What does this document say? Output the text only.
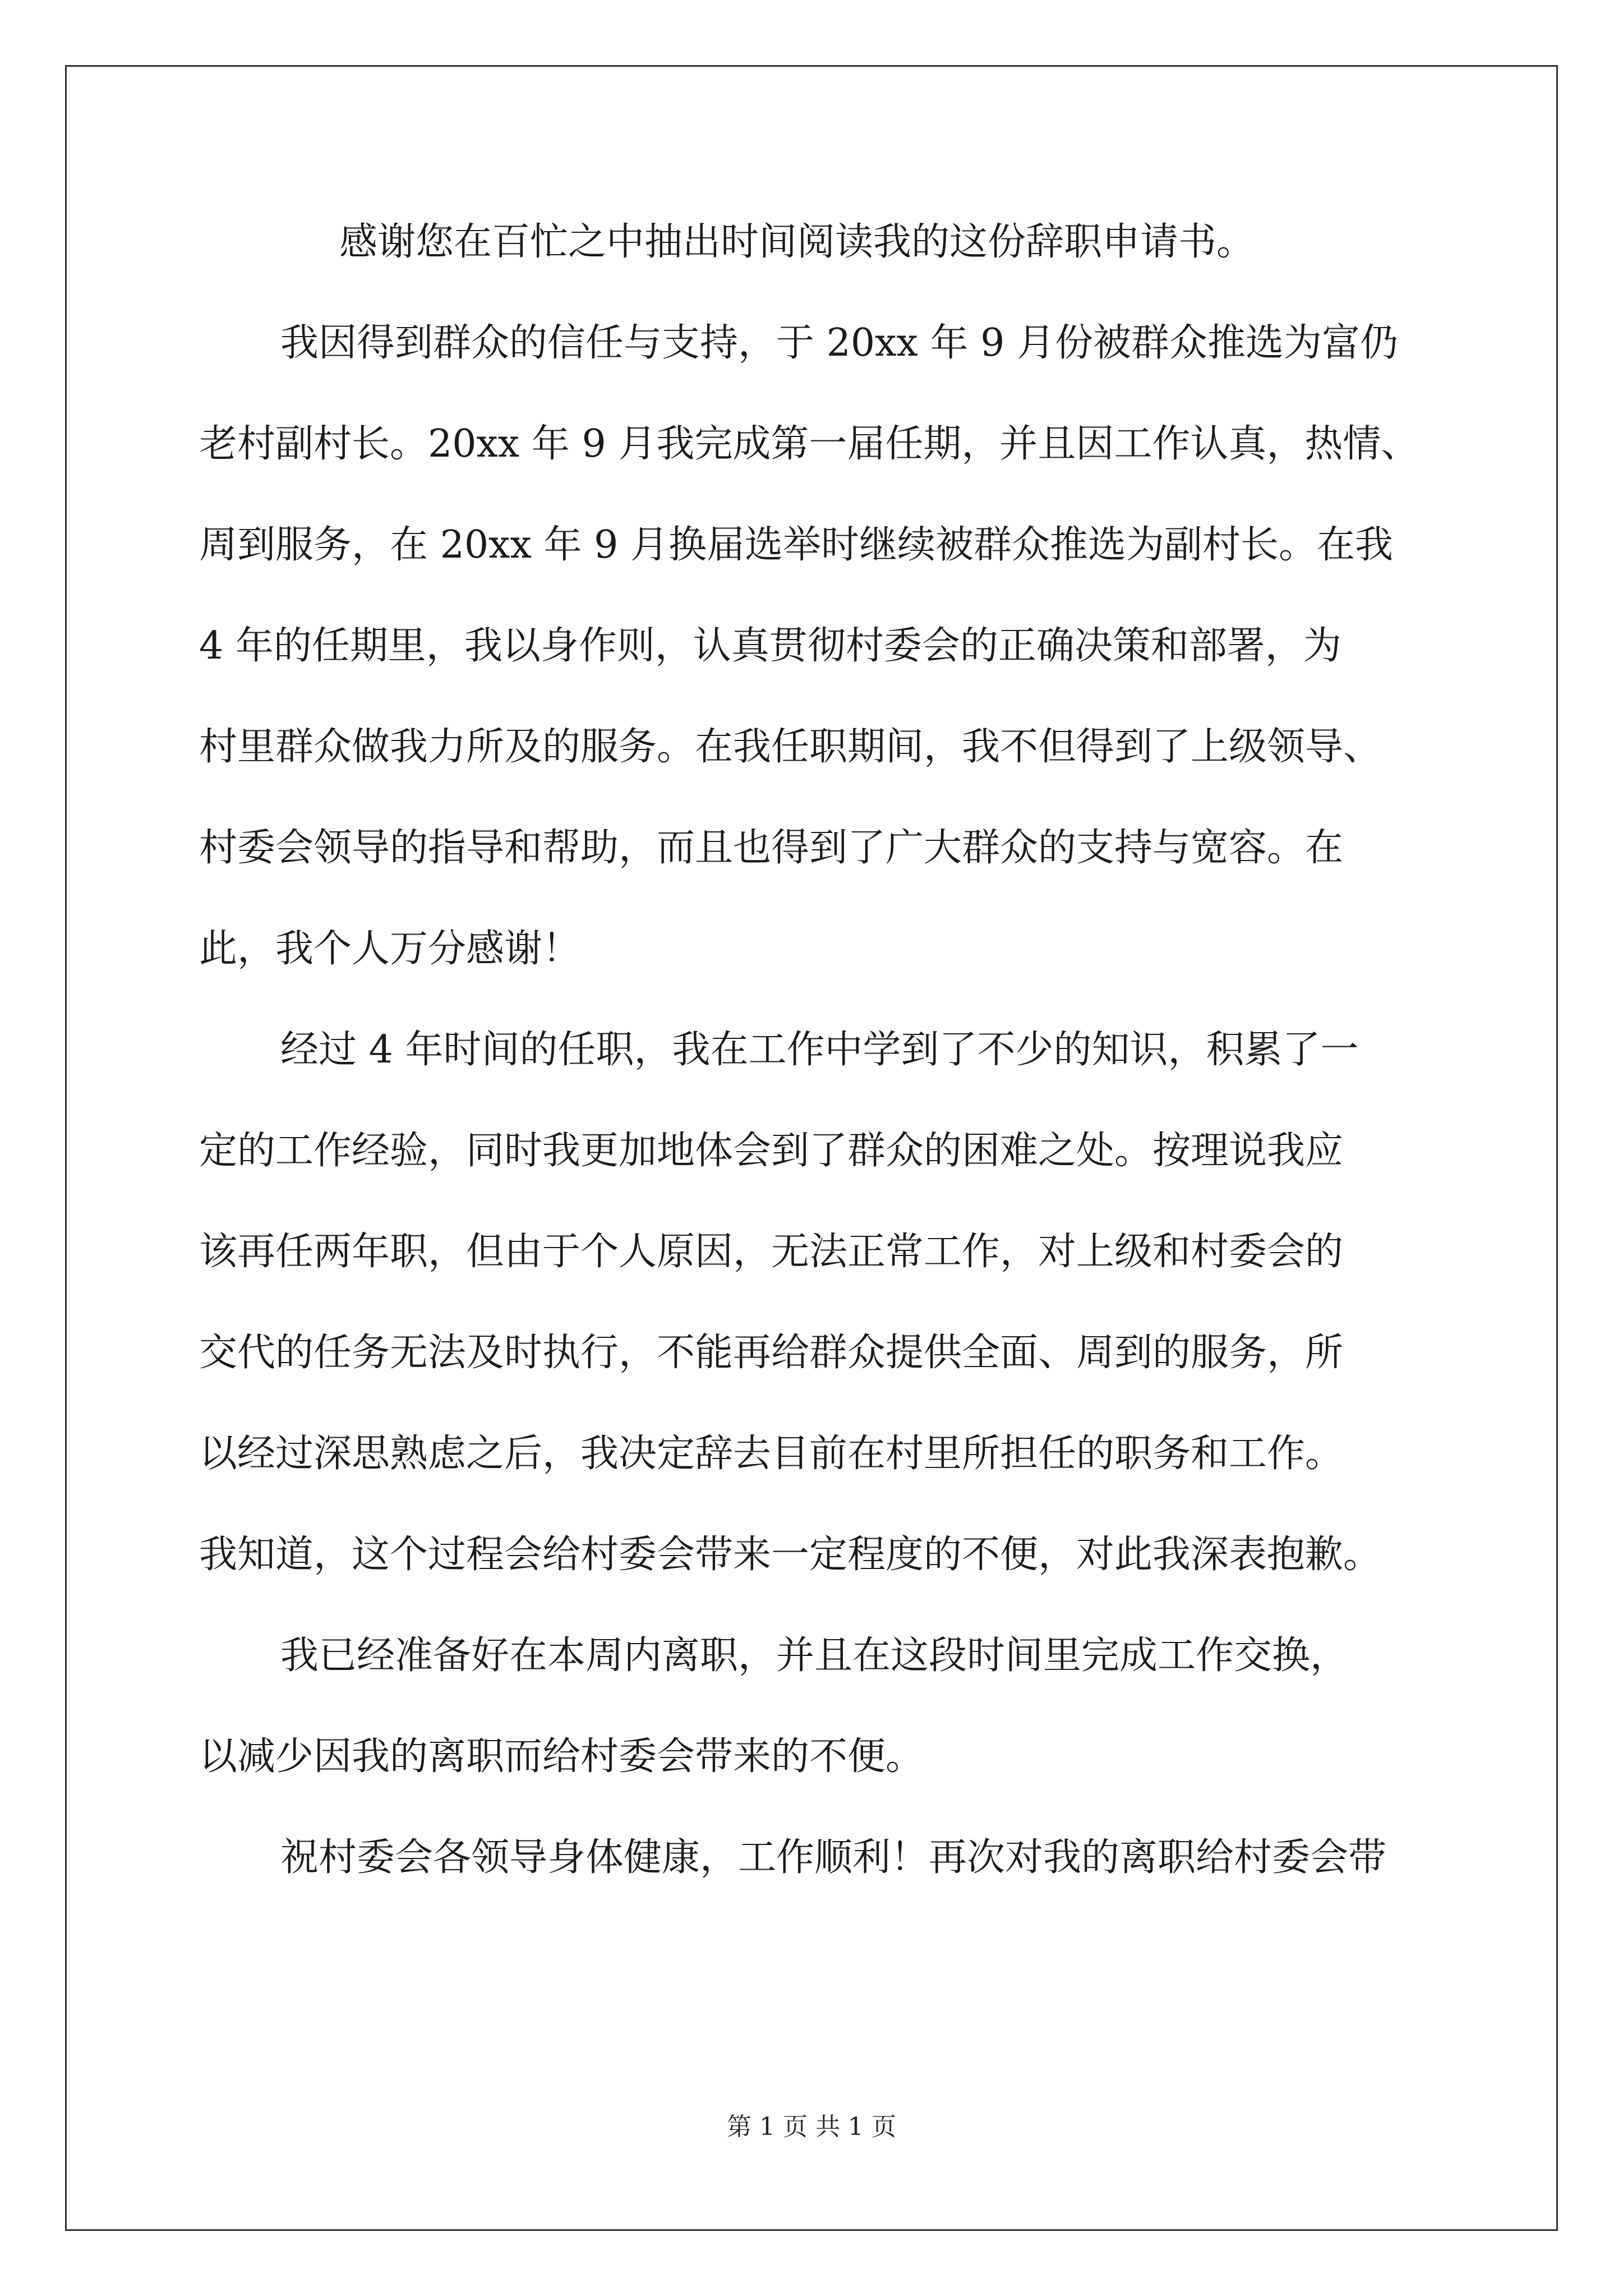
感谢您在百忙之中抽出时间阅读我的这份辞职申请书。
我因得到群众的信任与支持，于 20xx 年 9 月份被群众推选为富仍
老村副村长。20xx 年 9 月我完成第一届任期，并且因工作认真，热情、
周到服务，在 20xx 年 9 月换届选举时继续被群众推选为副村长。在我
4 年的任期里，我以身作则，认真贯彻村委会的正确决策和部署，为
村里群众做我力所及的服务。在我任职期间，我不但得到了上级领导、
村委会领导的指导和帮助，而且也得到了广大群众的支持与宽容。在
此，我个人万分感谢！
经过 4 年时间的任职，我在工作中学到了不少的知识，积累了一
定的工作经验，同时我更加地体会到了群众的困难之处。按理说我应
该再任两年职，但由于个人原因，无法正常工作，对上级和村委会的
交代的任务无法及时执行，不能再给群众提供全面、周到的服务，所
以经过深思熟虑之后，我决定辞去目前在村里所担任的职务和工作。
我知道，这个过程会给村委会带来一定程度的不便，对此我深表抱歉。
我已经准备好在本周内离职，并且在这段时间里完成工作交换，
以减少因我的离职而给村委会带来的不便。
祝村委会各领导身体健康，工作顺利！再次对我的离职给村委会带
第 1 页 共 1 页
